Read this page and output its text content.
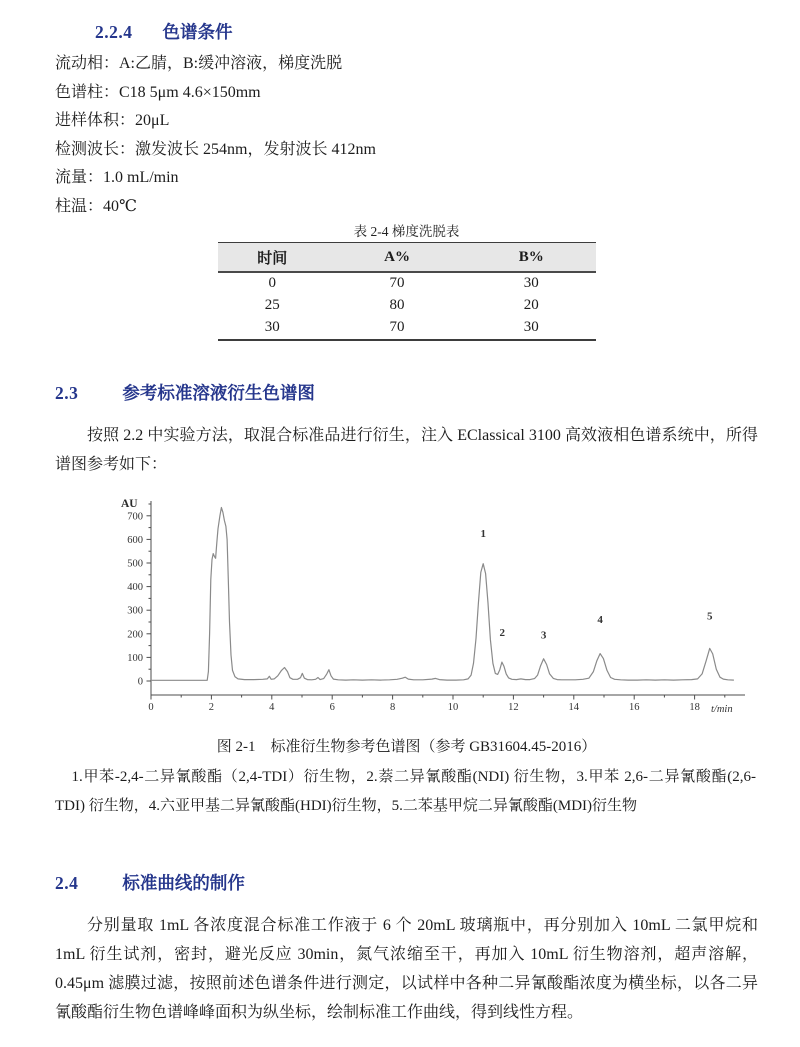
2.2.4 色谱条件
流动相：A:乙腈，B:缓冲溶液，梯度洗脱
色谱柱：C18 5μm 4.6×150mm
进样体积：20μL
检测波长：激发波长 254nm，发射波长 412nm
流量：1.0 mL/min
柱温：40℃
表 2-4 梯度洗脱表
时间	A%	B%
0	70	30
25	80	20
30	70	30
2.3	参考标准溶液衍生色谱图

按照 2.2 中实验方法，取混合标准品进行衍生，注入 EClassical 3100 高效液相色谱系统中，所得谱图参考如下：

0	2	4	6	8	10	12	14	16	18 t/min
0
100
200
300
400
500
600
700
AU
1
2	3
4	5
图 2-1　标准衍生物参考色谱图（参考 GB31604.45-2016）

1.甲苯-2,4-二异氰酸酯（2,4-TDI）衍生物，2.萘二异氰酸酯(NDI) 衍生物，3.甲苯 2,6-二异氰酸酯(2,6-TDI) 衍生物，4.六亚甲基二异氰酸酯(HDI)衍生物，5.二苯基甲烷二异氰酸酯(MDI)衍生物

2.4	标准曲线的制作

分别量取 1mL 各浓度混合标准工作液于 6 个 20mL 玻璃瓶中，再分别加入 10mL 二氯甲烷和 1mL 衍生试剂，密封，避光反应 30min，氮气浓缩至干，再加入 10mL 衍生物溶剂，超声溶解，0.45μm 滤膜过滤，按照前述色谱条件进行测定，以试样中各种二异氰酸酯浓度为横坐标，以各二异氰酸酯衍生物色谱峰峰面积为纵坐标，绘制标准工作曲线，得到线性方程。
